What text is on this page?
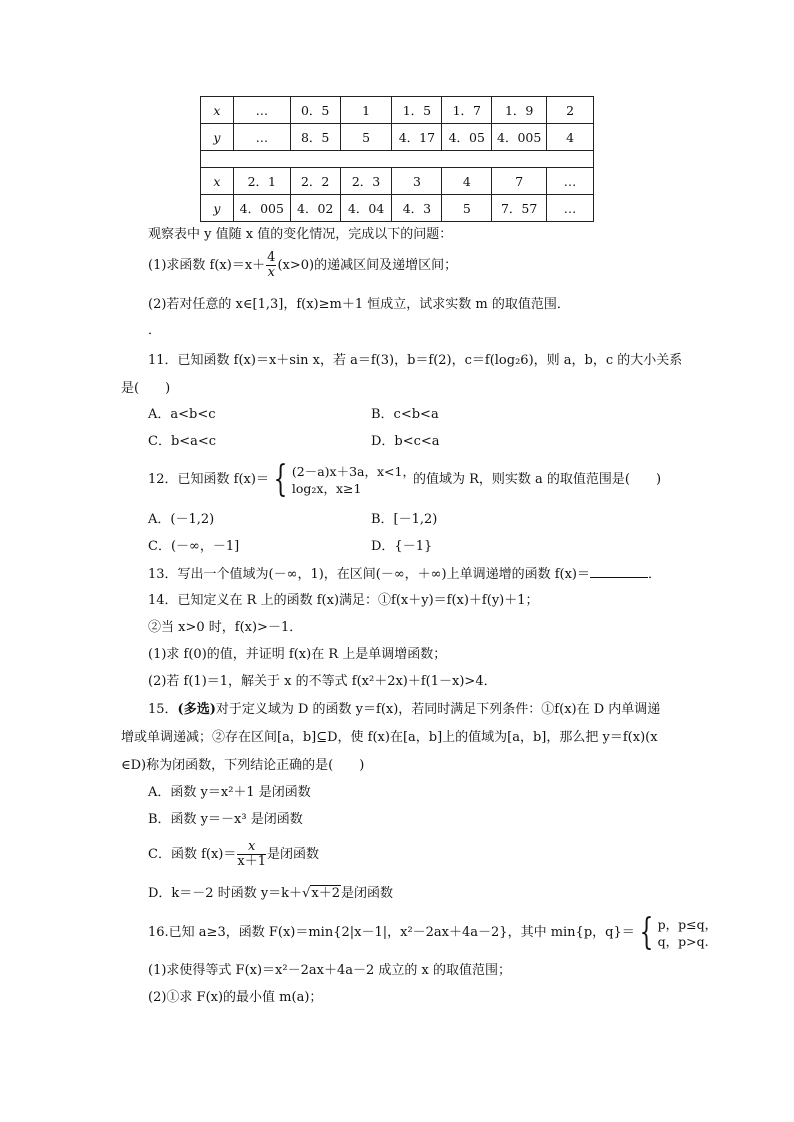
x	…	0．5	1	1．5	1．7	1．9	2
y	…	8．5	5	4．17	4．05	4．005	4

x	2．1	2．2	2．3	3	4	7	…
y	4．005	4．02	4．04	4．3	5	7．57	…
观察表中 y 值随 x 值的变化情况，完成以下的问题：
(1)求函数 $f(x)=x+ \frac{4}{x} (x>0)$的递减区间及递增区间；
(2)若对任意的 x∈[1,3]，f(x)≥m＋1 恒成立，试求实数 m 的取值范围．
．
11．已知函数 f(x)＝x＋sin x，若 a＝f(3)，b＝f(2)，c＝f(log₂6)，则 a，b，c 的大小关系
是(　　)
A．a<b<c	B．c<b<a
C．b<a<c	D．b<c<a
12．已知函数 f(x)＝ { (2－a)x＋3a，x<1，
log₂x，x≥1
的值域为 R，则实数 a 的取值范围是(　　)
A．(－1,2)	B．[－1,2)
C．(－∞，－1]	D．{－1}
13．写出一个值域为(－∞，1)，在区间(－∞，＋∞)上单调递增的函数 f(x)＝	．
14．已知定义在 R 上的函数 f(x)满足：①f(x＋y)＝f(x)＋f(y)＋1；
②当 x>0 时，f(x)>－1．
(1)求 f(0)的值，并证明 f(x)在 R 上是单调增函数；
(2)若 f(1)＝1，解关于 x 的不等式 f(x²＋2x)＋f(1－x)>4．
15．(多选)对于定义域为 D 的函数 y＝f(x)，若同时满足下列条件：①f(x)在 D 内单调递
增或单调递减；②存在区间[a，b]⊆D，使 f(x)在[a，b]上的值域为[a，b]，那么把 y＝f(x)(x
∈D)称为闭函数，下列结论正确的是(　　)
A．函数 y＝x²＋1 是闭函数
B．函数 y＝－x³ 是闭函数
C．函数 $f(x)= \frac{x}{x+1}$ 是闭函数
D．k＝－2 时函数 y＝k＋√x＋2是闭函数
16.已知 a≥3，函数 F(x)＝min{2|x－1|，x²－2ax＋4a－2}，其中 min{p，q}＝ { p，p≤q，
q，p>q.
(1)求使得等式 F(x)＝x²－2ax＋4a－2 成立的 x 的取值范围；
(2)①求 F(x)的最小值 m(a)；
